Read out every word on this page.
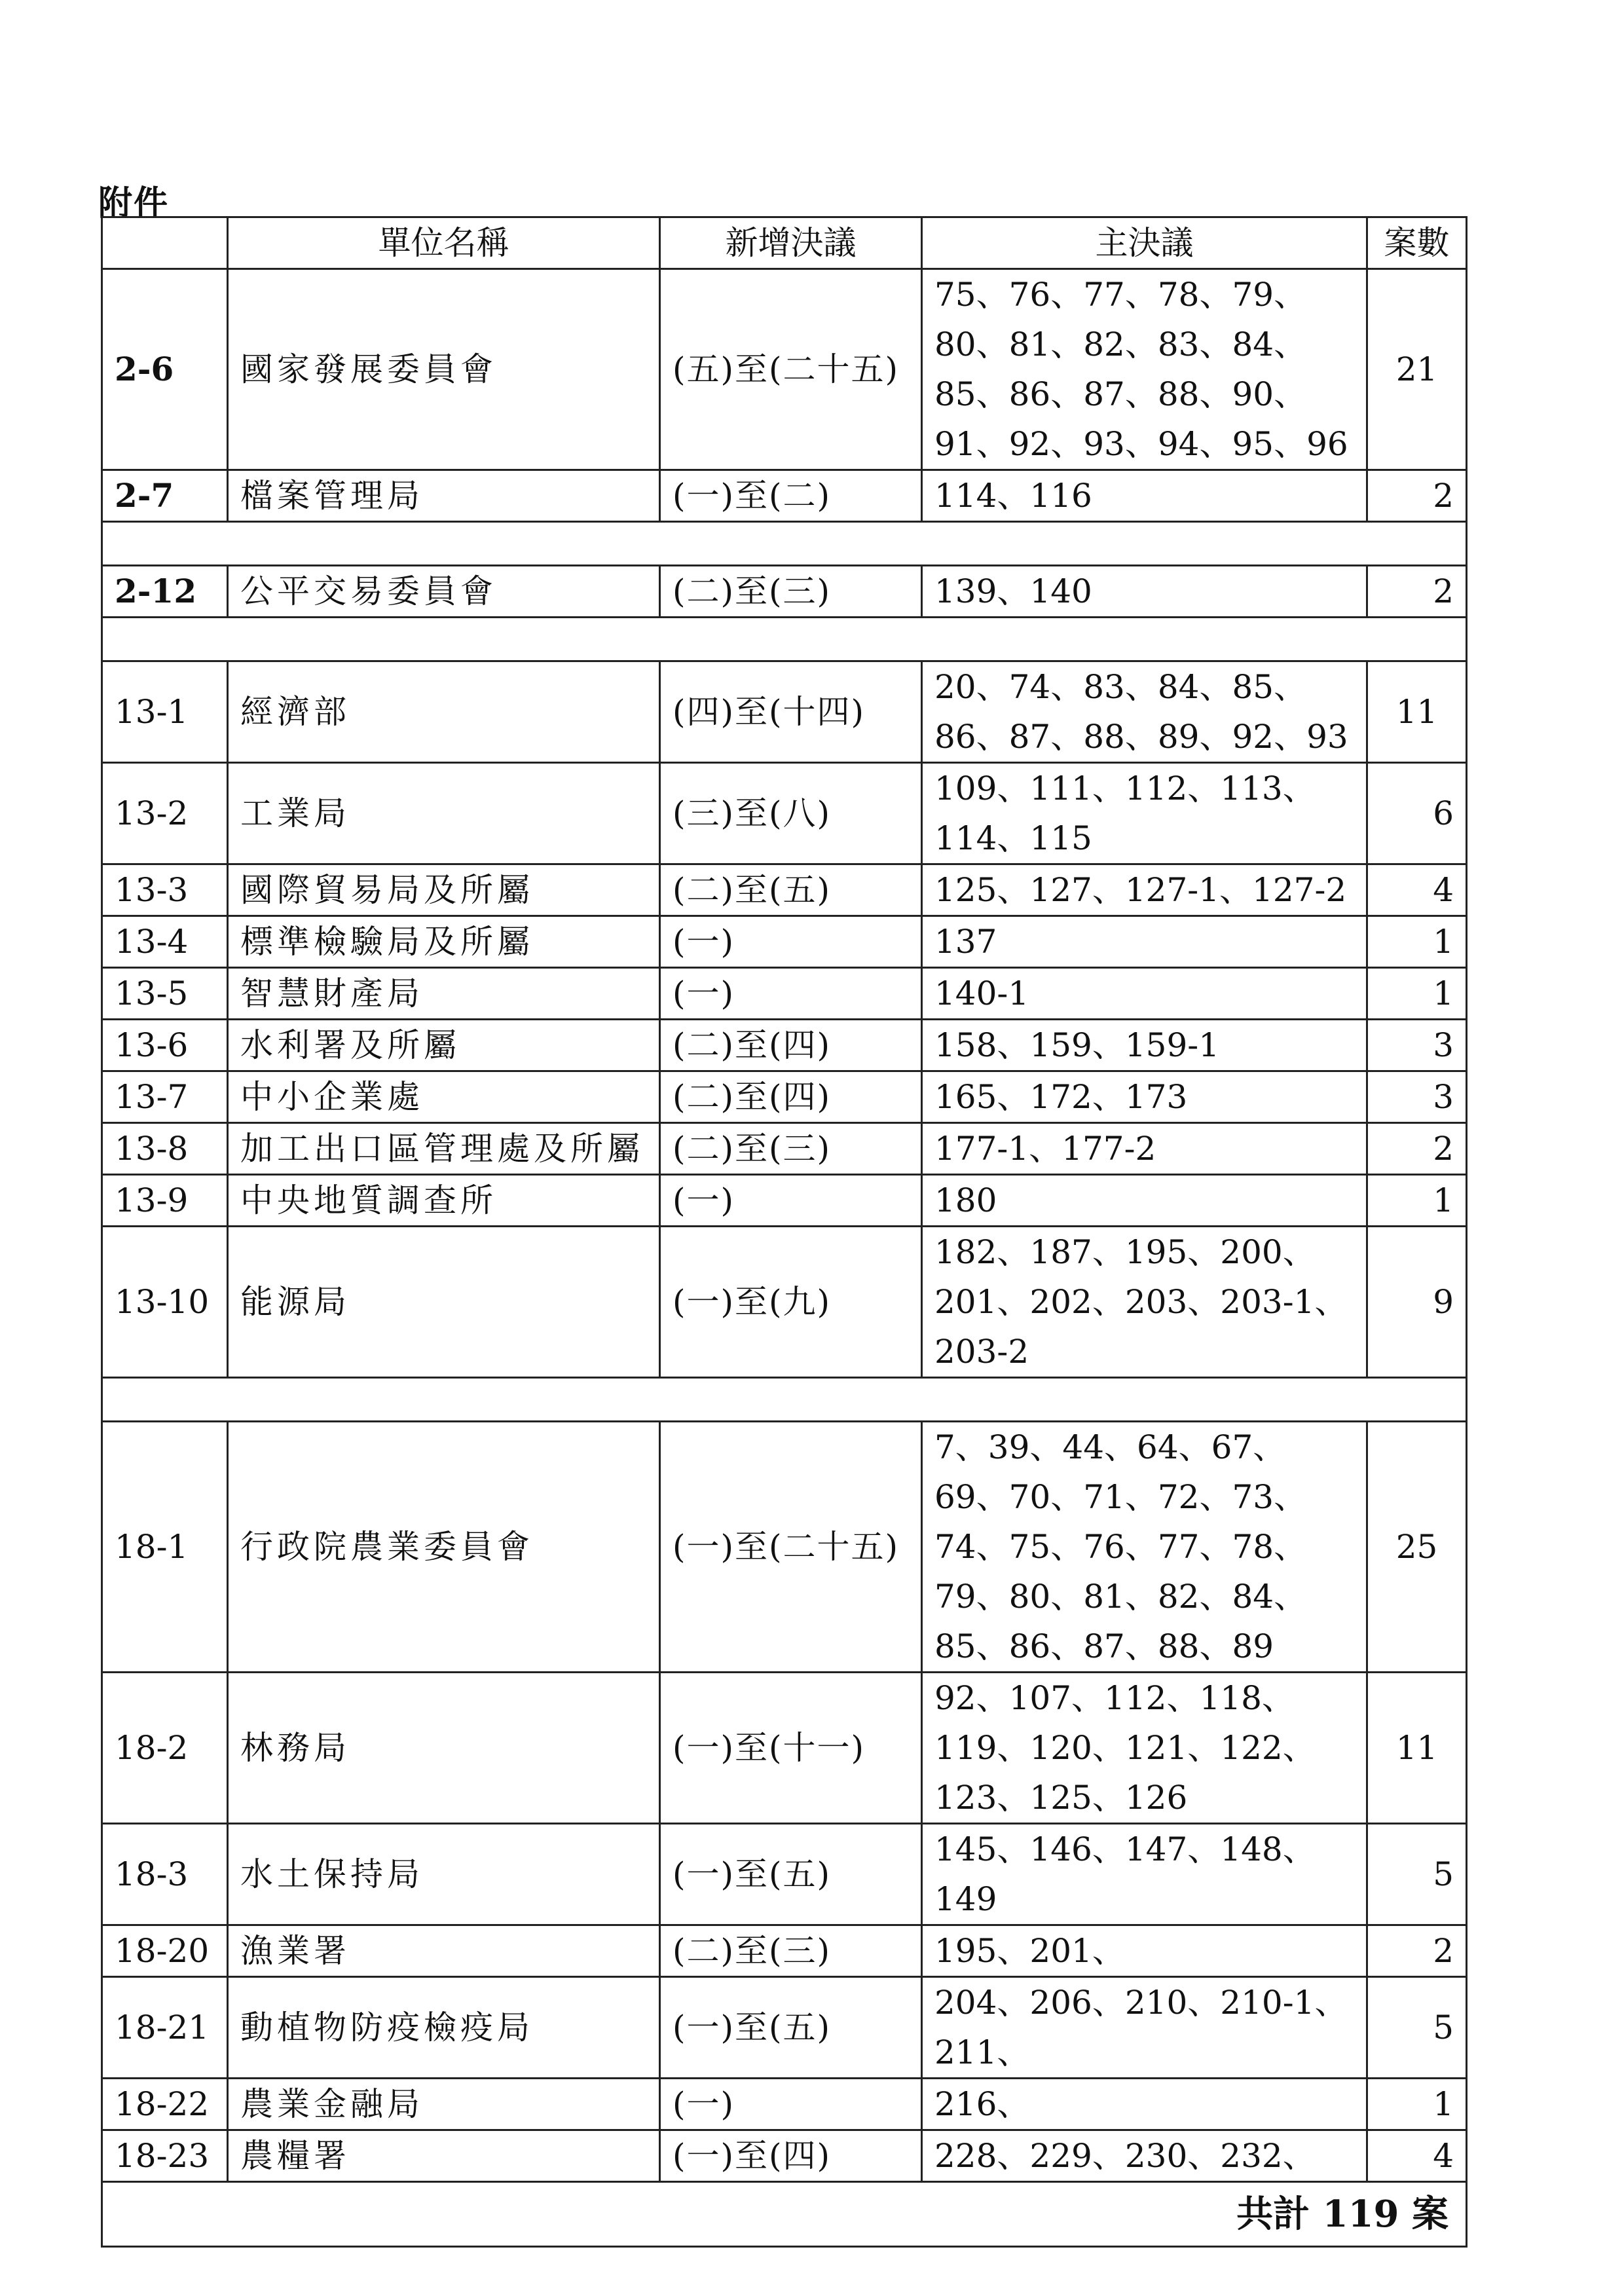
附件
	單位名稱	新增決議	主決議	案數
2-6	國家發展委員會	(五)至(二十五)	75、76、77、78、79、80、81、82、83、84、85、86、87、88、90、91、92、93、94、95、96	21
2-7	檔案管理局	(一)至(二)	114、116	2

2-12	公平交易委員會	(二)至(三)	139、140	2

13-1	經濟部	(四)至(十四)	20、74、83、84、85、86、87、88、89、92、93	11
13-2	工業局	(三)至(八)	109、111、112、113、114、115	6
13-3	國際貿易局及所屬	(二)至(五)	125、127、127-1、127-2	4
13-4	標準檢驗局及所屬	(一)	137	1
13-5	智慧財產局	(一)	140-1	1
13-6	水利署及所屬	(二)至(四)	158、159、159-1	3
13-7	中小企業處	(二)至(四)	165、172、173	3
13-8	加工出口區管理處及所屬	(二)至(三)	177-1、177-2	2
13-9	中央地質調查所	(一)	180	1
13-10	能源局	(一)至(九)	182、187、195、200、201、202、203、203-1、203-2	9

18-1	行政院農業委員會	(一)至(二十五)	7、39、44、64、67、69、70、71、72、73、74、75、76、77、78、79、80、81、82、84、85、86、87、88、89	25
18-2	林務局	(一)至(十一)	92、107、112、118、119、120、121、122、123、125、126	11
18-3	水土保持局	(一)至(五)	145、146、147、148、149	5
18-20	漁業署	(二)至(三)	195、201、	2
18-21	動植物防疫檢疫局	(一)至(五)	204、206、210、210-1、211、	5
18-22	農業金融局	(一)	216、	1
18-23	農糧署	(一)至(四)	228、229、230、232、	4
共計 119 案				
